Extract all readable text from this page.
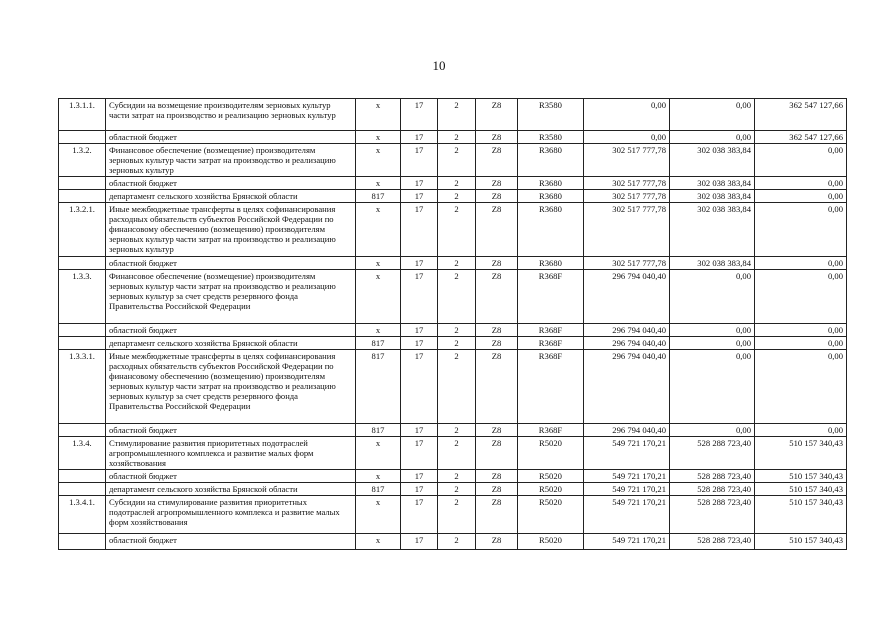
10
1.3.1.1.	Субсидии на возмещение производителям зерновых культур части затрат на производство и реализацию зерновых культур	х	17	2	Z8	R3580	0,00	0,00	362 547 127,66
	областной бюджет	х	17	2	Z8	R3580	0,00	0,00	362 547 127,66
1.3.2.	Финансовое обеспечение (возмещение) производителям зерновых культур части затрат на производство и реализацию зерновых культур	х	17	2	Z8	R3680	302 517 777,78	302 038 383,84	0,00
	областной бюджет	х	17	2	Z8	R3680	302 517 777,78	302 038 383,84	0,00
	департамент сельского хозяйства Брянской области	817	17	2	Z8	R3680	302 517 777,78	302 038 383,84	0,00
1.3.2.1.	Иные межбюджетные трансферты в целях софинансирования расходных обязательств субъектов Российской Федерации по финансовому обеспечению (возмещению) производителям зерновых культур части затрат на производство и реализацию зерновых культур	х	17	2	Z8	R3680	302 517 777,78	302 038 383,84	0,00
	областной бюджет	х	17	2	Z8	R3680	302 517 777,78	302 038 383,84	0,00
1.3.3.	Финансовое обеспечение (возмещение) производителям зерновых культур части затрат на производство и реализацию зерновых культур за счет средств резервного фонда Правительства Российской Федерации	х	17	2	Z8	R368F	296 794 040,40	0,00	0,00
	областной бюджет	х	17	2	Z8	R368F	296 794 040,40	0,00	0,00
	департамент сельского хозяйства Брянской области	817	17	2	Z8	R368F	296 794 040,40	0,00	0,00
1.3.3.1.	Иные межбюджетные трансферты в целях софинансирования расходных обязательств субъектов Российской Федерации по финансовому обеспечению (возмещению) производителям зерновых культур части затрат на производство и реализацию зерновых культур за счет средств резервного фонда Правительства Российской Федерации	817	17	2	Z8	R368F	296 794 040,40	0,00	0,00
	областной бюджет	817	17	2	Z8	R368F	296 794 040,40	0,00	0,00
1.3.4.	Стимулирование развития приоритетных подотраслей агропромышленного комплекса и развитие малых форм хозяйствования	х	17	2	Z8	R5020	549 721 170,21	528 288 723,40	510 157 340,43
	областной бюджет	х	17	2	Z8	R5020	549 721 170,21	528 288 723,40	510 157 340,43
	департамент сельского хозяйства Брянской области	817	17	2	Z8	R5020	549 721 170,21	528 288 723,40	510 157 340,43
1.3.4.1.	Субсидии на стимулирование развития приоритетных подотраслей агропромышленного комплекса и развитие малых форм хозяйствования	х	17	2	Z8	R5020	549 721 170,21	528 288 723,40	510 157 340,43
	областной бюджет	х	17	2	Z8	R5020	549 721 170,21	528 288 723,40	510 157 340,43
